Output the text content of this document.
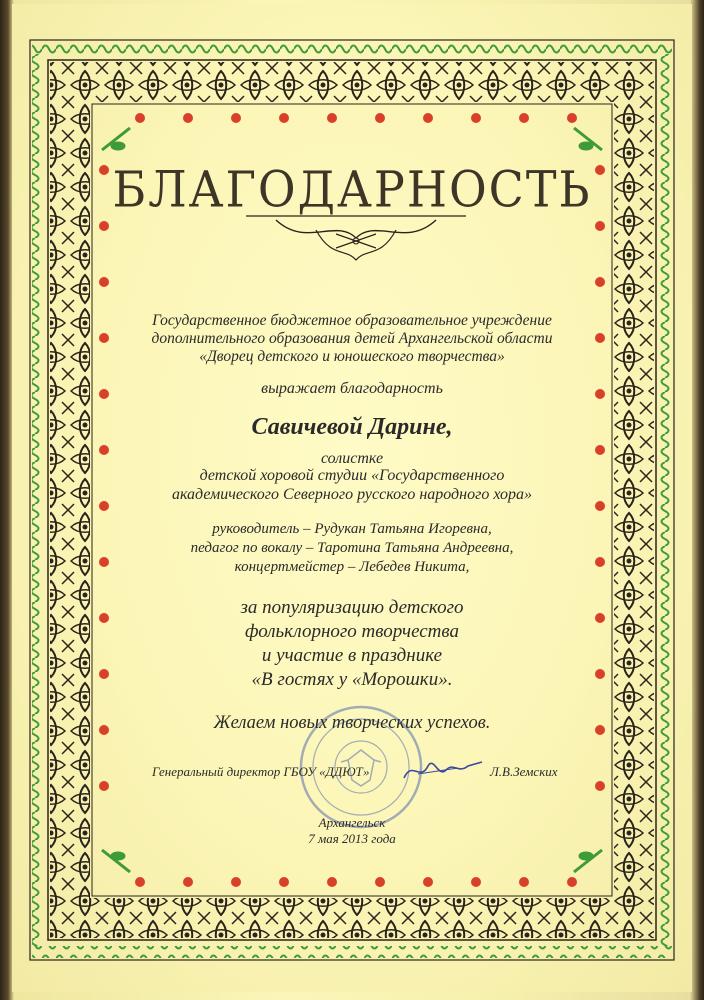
БЛАГОДАРНОСТЬ
Государственное бюджетное образовательное учреждение
дополнительного образования детей Архангельской области
«Дворец детского и юношеского творчества»
выражает благодарность
Савичевой Дарине,
солистке
детской хоровой студии «Государственного
академического Северного русского народного хора»
руководитель – Рудукан Татьяна Игоревна,
педагог по вокалу – Таротина Татьяна Андреевна,
концертмейстер – Лебедев Никита,
за популяризацию детского
фольклорного творчества
и участие в празднике
«В гостях у «Морошки».
Желаем новых творческих успехов.
Генеральный директор ГБОУ «ДДЮТ»	Л.В.Земских
Архангельск
7 мая 2013 года
